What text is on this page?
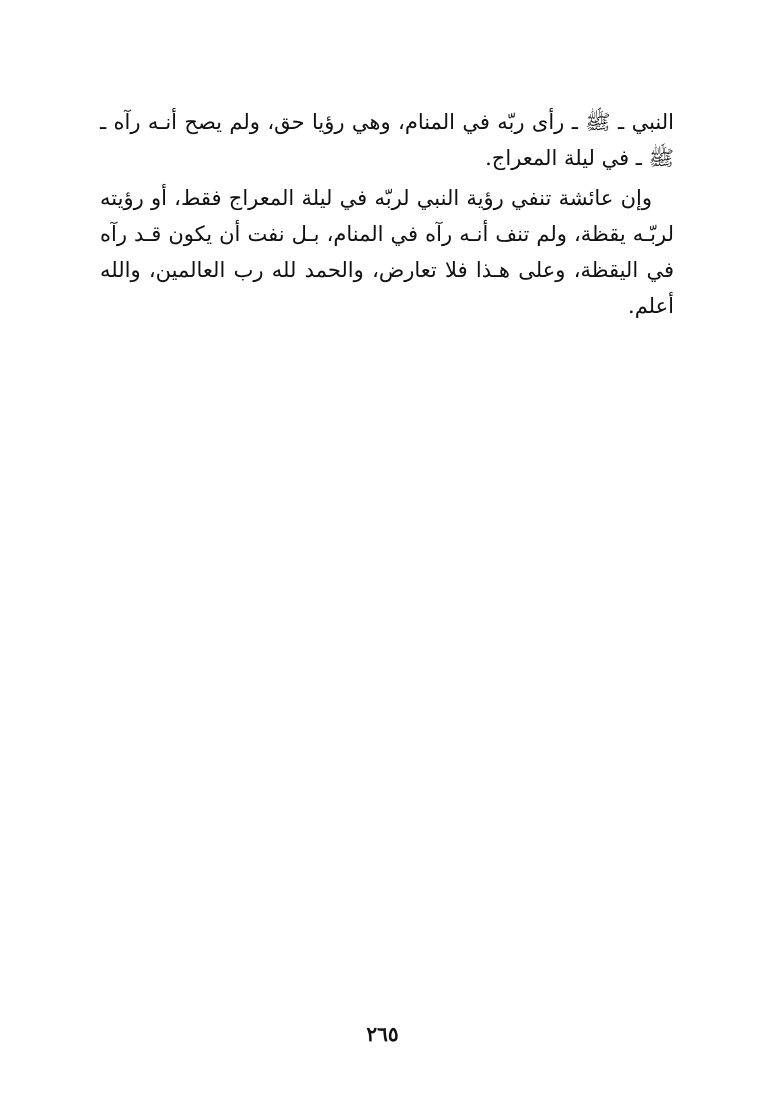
النبي ـ ﷺ ـ رأى ربّه في المنام، وهي رؤيا حق، ولم يصح أنـه رآه ـ ﷺ ـ في ليلة المعراج.

وإن عائشة تنفي رؤية النبي لربّه في ليلة المعراج فقط، أو رؤيته لربّـه يقظة، ولم تنف أنـه رآه في المنام، بـل نفت أن يكون قـد رآه في اليقظة، وعلى هـذا فلا تعارض، والحمد لله رب العالمين، والله أعلم.

٢٦٥
